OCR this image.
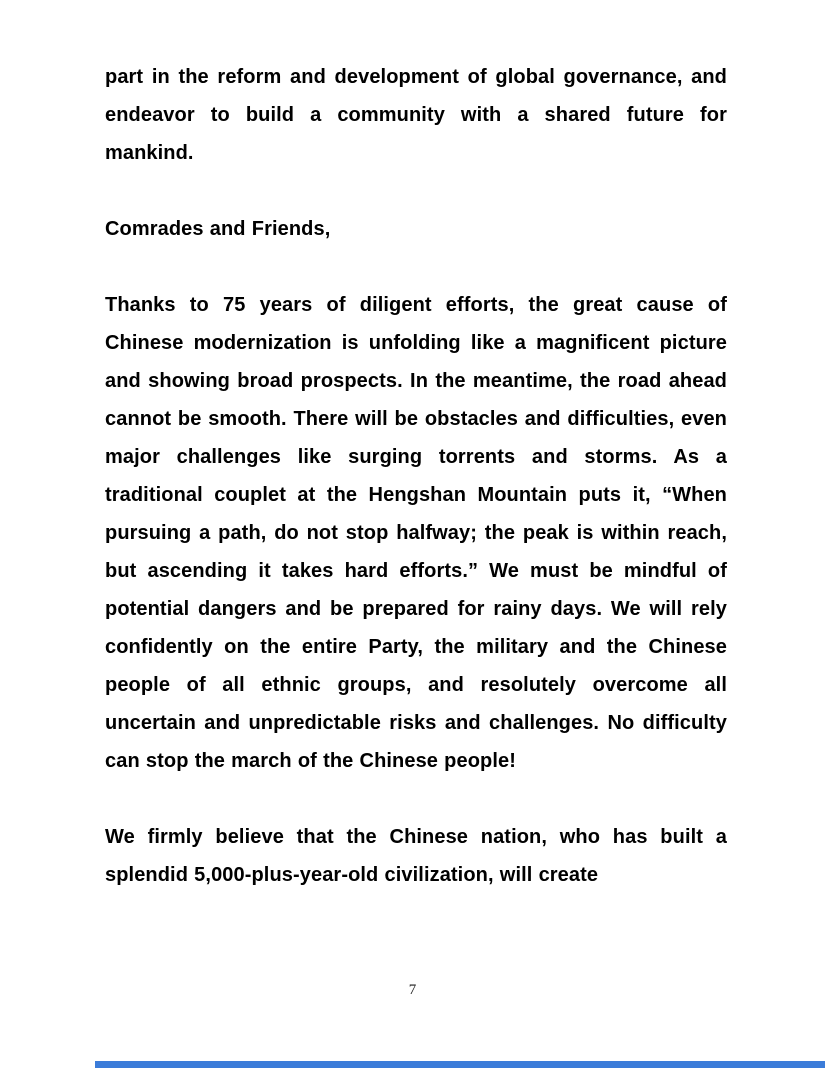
part in the reform and development of global governance, and endeavor to build a community with a shared future for mankind.

Comrades and Friends,

Thanks to 75 years of diligent efforts, the great cause of Chinese modernization is unfolding like a magnificent picture and showing broad prospects. In the meantime, the road ahead cannot be smooth. There will be obstacles and difficulties, even major challenges like surging torrents and storms. As a traditional couplet at the Hengshan Mountain puts it, “When pursuing a path, do not stop halfway; the peak is within reach, but ascending it takes hard efforts.” We must be mindful of potential dangers and be prepared for rainy days. We will rely confidently on the entire Party, the military and the Chinese people of all ethnic groups, and resolutely overcome all uncertain and unpredictable risks and challenges. No difficulty can stop the march of the Chinese people!

We firmly believe that the Chinese nation, who has built a splendid 5,000-plus-year-old civilization, will create

7
